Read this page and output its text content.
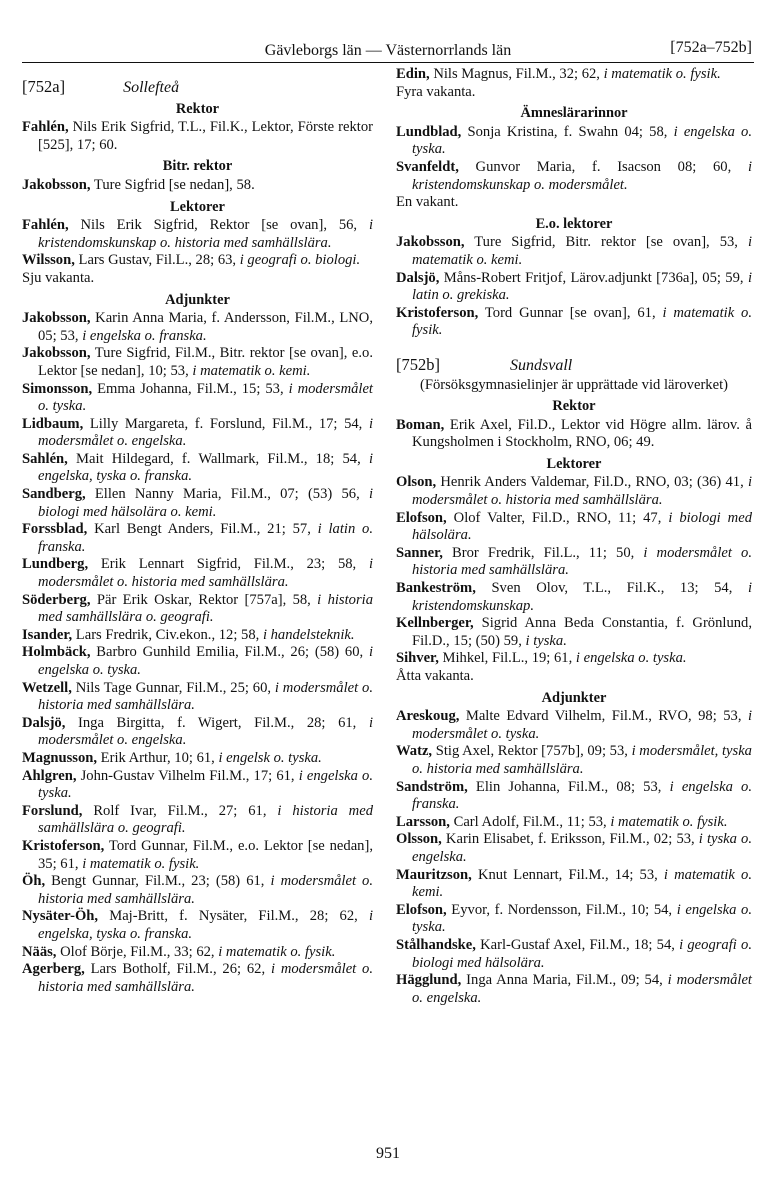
Gävleborgs län — Västernorrlands län	[752a–752b]
[752a]	Sollefteå
Rektor
Fahlén, Nils Erik Sigfrid, T.L., Fil.K., Lektor, Förste rektor [525], 17; 60.
Bitr. rektor
Jakobsson, Ture Sigfrid [se nedan], 58.
Lektorer
Fahlén, Nils Erik Sigfrid, Rektor [se ovan], 56, i kristendomskunskap o. historia med samhällslära.
Wilsson, Lars Gustav, Fil.L., 28; 63, i geografi o. biologi.
Sju vakanta.
Adjunkter
Jakobsson, Karin Anna Maria, f. Andersson, Fil.M., LNO, 05; 53, i engelska o. franska.
Jakobsson, Ture Sigfrid, Fil.M., Bitr. rektor [se ovan], e.o. Lektor [se nedan], 10; 53, i matematik o. kemi.
Simonsson, Emma Johanna, Fil.M., 15; 53, i modersmålet o. tyska.
Lidbaum, Lilly Margareta, f. Forslund, Fil.M., 17; 54, i modersmålet o. engelska.
Sahlén, Mait Hildegard, f. Wallmark, Fil.M., 18; 54, i engelska, tyska o. franska.
Sandberg, Ellen Nanny Maria, Fil.M., 07; (53) 56, i biologi med hälsolära o. kemi.
Forssblad, Karl Bengt Anders, Fil.M., 21; 57, i latin o. franska.
Lundberg, Erik Lennart Sigfrid, Fil.M., 23; 58, i modersmålet o. historia med samhällslära.
Söderberg, Pär Erik Oskar, Rektor [757a], 58, i historia med samhällslära o. geografi.
Isander, Lars Fredrik, Civ.ekon., 12; 58, i handelsteknik.
Holmbäck, Barbro Gunhild Emilia, Fil.M., 26; (58) 60, i engelska o. tyska.
Wetzell, Nils Tage Gunnar, Fil.M., 25; 60, i modersmålet o. historia med samhällslära.
Dalsjö, Inga Birgitta, f. Wigert, Fil.M., 28; 61, i modersmålet o. engelska.
Magnusson, Erik Arthur, 10; 61, i engelsk o. tyska.
Ahlgren, John-Gustav Vilhelm Fil.M., 17; 61, i engelska o. tyska.
Forslund, Rolf Ivar, Fil.M., 27; 61, i historia med samhällslära o. geografi.
Kristoferson, Tord Gunnar, Fil.M., e.o. Lektor [se nedan], 35; 61, i matematik o. fysik.
Öh, Bengt Gunnar, Fil.M., 23; (58) 61, i modersmålet o. historia med samhällslära.
Nysäter-Öh, Maj-Britt, f. Nysäter, Fil.M., 28; 62, i engelska, tyska o. franska.
Nääs, Olof Börje, Fil.M., 33; 62, i matematik o. fysik.
Agerberg, Lars Botholf, Fil.M., 26; 62, i modersmålet o. historia med samhällslära.
Edin, Nils Magnus, Fil.M., 32; 62, i matematik o. fysik.
Fyra vakanta.
Ämneslärarinnor
Lundblad, Sonja Kristina, f. Swahn 04; 58, i engelska o. tyska.
Svanfeldt, Gunvor Maria, f. Isacson 08; 60, i kristendomskunskap o. modersmålet.
En vakant.
E.o. lektorer
Jakobsson, Ture Sigfrid, Bitr. rektor [se ovan], 53, i matematik o. kemi.
Dalsjö, Måns-Robert Fritjof, Lärov.adjunkt [736a], 05; 59, i latin o. grekiska.
Kristoferson, Tord Gunnar [se ovan], 61, i matematik o. fysik.
[752b]	Sundsvall
(Försöksgymnasielinjer är upprättade vid läroverket)
Rektor
Boman, Erik Axel, Fil.D., Lektor vid Högre allm. lärov. å Kungsholmen i Stockholm, RNO, 06; 49.
Lektorer
Olson, Henrik Anders Valdemar, Fil.D., RNO, 03; (36) 41, i modersmålet o. historia med samhällslära.
Elofson, Olof Valter, Fil.D., RNO, 11; 47, i biologi med hälsolära.
Sanner, Bror Fredrik, Fil.L., 11; 50, i modersmålet o. historia med samhällslära.
Bankeström, Sven Olov, T.L., Fil.K., 13; 54, i kristendomskunskap.
Kellnberger, Sigrid Anna Beda Constantia, f. Grönlund, Fil.D., 15; (50) 59, i tyska.
Sihver, Mihkel, Fil.L., 19; 61, i engelska o. tyska.
Åtta vakanta.
Adjunkter
Areskoug, Malte Edvard Vilhelm, Fil.M., RVO, 98; 53, i modersmålet o. tyska.
Watz, Stig Axel, Rektor [757b], 09; 53, i modersmålet, tyska o. historia med samhällslära.
Sandström, Elin Johanna, Fil.M., 08; 53, i engelska o. franska.
Larsson, Carl Adolf, Fil.M., 11; 53, i matematik o. fysik.
Olsson, Karin Elisabet, f. Eriksson, Fil.M., 02; 53, i tyska o. engelska.
Mauritzson, Knut Lennart, Fil.M., 14; 53, i matematik o. kemi.
Elofson, Eyvor, f. Nordensson, Fil.M., 10; 54, i engelska o. tyska.
Stålhandske, Karl-Gustaf Axel, Fil.M., 18; 54, i geografi o. biologi med hälsolära.
Hägglund, Inga Anna Maria, Fil.M., 09; 54, i modersmålet o. engelska.
951
